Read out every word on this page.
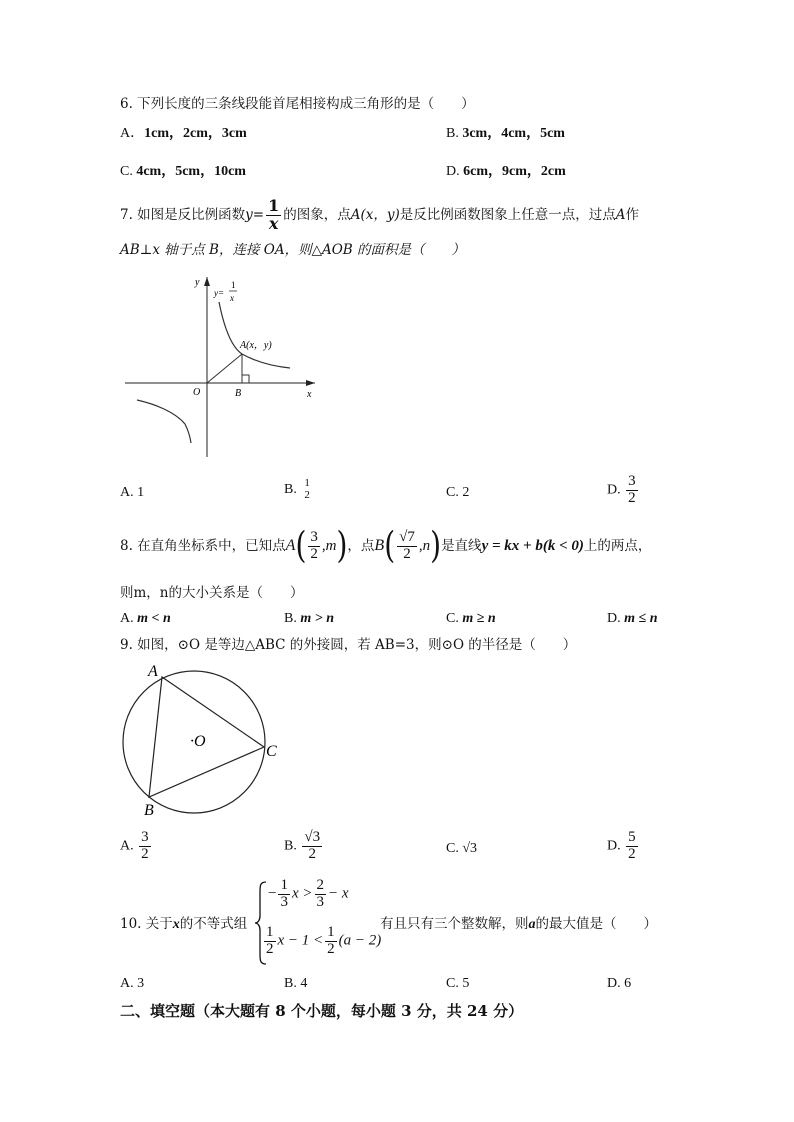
6. 下列长度的三条线段能首尾相接构成三角形的是（　　）
A．1cm，2cm，3cm	B. 3cm，4cm，5cm
C. 4cm，5cm，10cm	D. 6cm，9cm，2cm
7. 如图是反比例函数$y= \frac{1}{x}$ 的图象，点A(x，y)是反比例函数图象上任意一点，过点A作
AB⊥x 轴于点 B，连接 OA，则△AOB 的面积是（　　）
y
x
O	B
A(x，y)
y=
1
x
A. 1	B. 1
2	C. 2	D. $\frac{3}{2}$
8. 在直角坐标系中，已知点$A( \frac{3}{2} ,m)$，点$B( \frac{√7}{2} ,n)$是直线y = kx + b(k < 0)上的两点，
则m，n的大小关系是（　　）
A. m < n	B. m > n	C. m ≥ n	D. m ≤ n
9. 如图，⊙O 是等边△ABC 的外接圆，若 AB=3，则⊙O 的半径是（　　）
A
B
C
·O
A. $\frac{3}{2}$	B. $\frac{√3}{2}$	C. √3	D. $\frac{5}{2}$
10. 关于x的不等式组
− $\frac{1}{3}$ $x > \frac{2}{3} - x$
$\frac{1}{2}$ $x - 1 < \frac{1}{2} (a - 2)$
有且只有三个整数解，则a的最大值是（　　）
A. 3	B. 4	C. 5	D. 6
二、填空题（本大题有 8 个小题，每小题 3 分，共 24 分）
